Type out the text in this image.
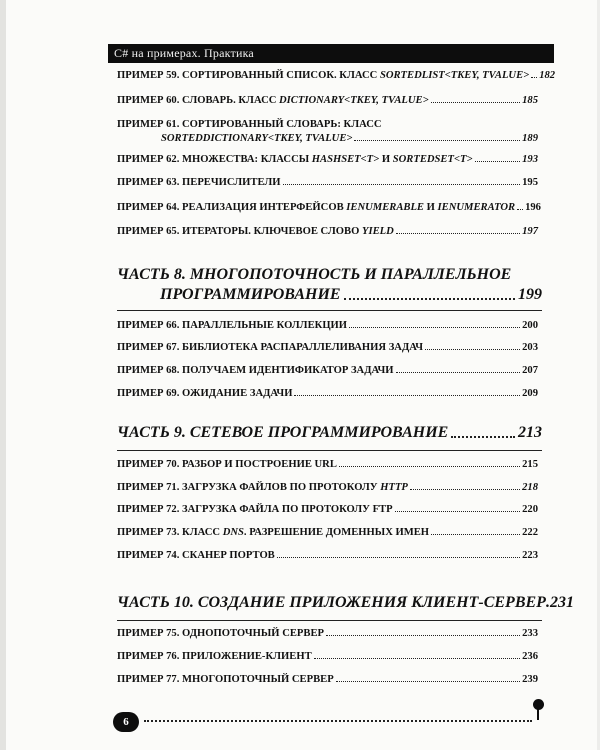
C# на примерах. Практика
ПРИМЕР 59. СОРТИРОВАННЫЙ СПИСОК. КЛАСС SORTEDLIST<TKEY, TVALUE> 182
ПРИМЕР 60. СЛОВАРЬ. КЛАСС DICTIONARY<TKEY, TVALUE>	185
ПРИМЕР 61. СОРТИРОВАННЫЙ СЛОВАРЬ: КЛАСС
SORTEDDICTIONARY<TKEY, TVALUE>	189
ПРИМЕР 62. МНОЖЕСТВА: КЛАССЫ HASHSET<T> И SORTEDSET<T>	193
ПРИМЕР 63. ПЕРЕЧИСЛИТЕЛИ	195
ПРИМЕР 64. РЕАЛИЗАЦИЯ ИНТЕРФЕЙСОВ IENUMERABLE И IENUMERATOR 196
ПРИМЕР 65. ИТЕРАТОРЫ. КЛЮЧЕВОЕ СЛОВО YIELD	197
ЧАСТЬ 8. МНОГОПОТОЧНОСТЬ И ПАРАЛЛЕЛЬНОЕ
ПРОГРАММИРОВАНИЕ	199
ПРИМЕР 66. ПАРАЛЛЕЛЬНЫЕ КОЛЛЕКЦИИ	200
ПРИМЕР 67. БИБЛИОТЕКА РАСПАРАЛЛЕЛИВАНИЯ ЗАДАЧ	203
ПРИМЕР 68. ПОЛУЧАЕМ ИДЕНТИФИКАТОР ЗАДАЧИ	207
ПРИМЕР 69. ОЖИДАНИЕ ЗАДАЧИ	209
ЧАСТЬ 9. СЕТЕВОЕ ПРОГРАММИРОВАНИЕ	213
ПРИМЕР 70. РАЗБОР И ПОСТРОЕНИЕ URL	215
ПРИМЕР 71. ЗАГРУЗКА ФАЙЛОВ ПО ПРОТОКОЛУ HTTP	218
ПРИМЕР 72. ЗАГРУЗКА ФАЙЛА ПО ПРОТОКОЛУ FTP	220
ПРИМЕР 73. КЛАСС DNS. РАЗРЕШЕНИЕ ДОМЕННЫХ ИМЕН	222
ПРИМЕР 74. СКАНЕР ПОРТОВ	223
ЧАСТЬ 10. СОЗДАНИЕ ПРИЛОЖЕНИЯ КЛИЕНТ-СЕРВЕР .231
ПРИМЕР 75. ОДНОПОТОЧНЫЙ СЕРВЕР	233
ПРИМЕР 76. ПРИЛОЖЕНИЕ-КЛИЕНТ	236
ПРИМЕР 77. МНОГОПОТОЧНЫЙ СЕРВЕР	239
6
